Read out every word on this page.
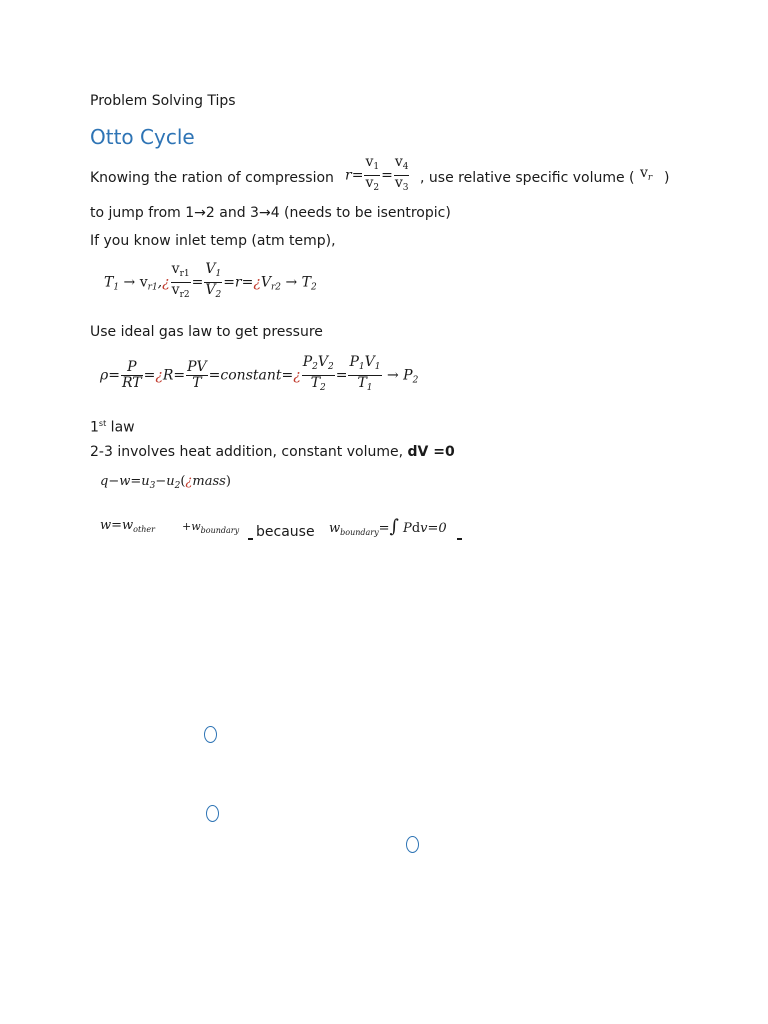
Problem Solving Tips
Otto Cycle
Knowing the ration of compression $r= \frac{v_1}{v_2} = \frac{v_4}{v_3}$ , use relative specific volume ( $v_r$ )
to jump from 1→2 and 3→4 (needs to be isentropic)
If you know inlet temp (atm temp),
$T_1$ → $v_{r1},¿ \frac{v_{r1}}{v_{r2}} = \frac{V_1}{V_2}$ $=r=¿V_{r2} \to T_2$
Use ideal gas law to get pressure
$\rho= \frac{P}{RT}$ =¿R= $\frac{PV}{T}$ =constant=¿ $\frac{P_2V_2}{T_2} = \frac{P_1V_1}{T_1} \to P_2$
1st law
2-3 involves heat addition, constant volume, dV =0
$q-w=u_3-u_2(¿mass)$
$w=w_{other} +w_{boundary}$ because $w_{boundary}=\int$ Pdv=0
